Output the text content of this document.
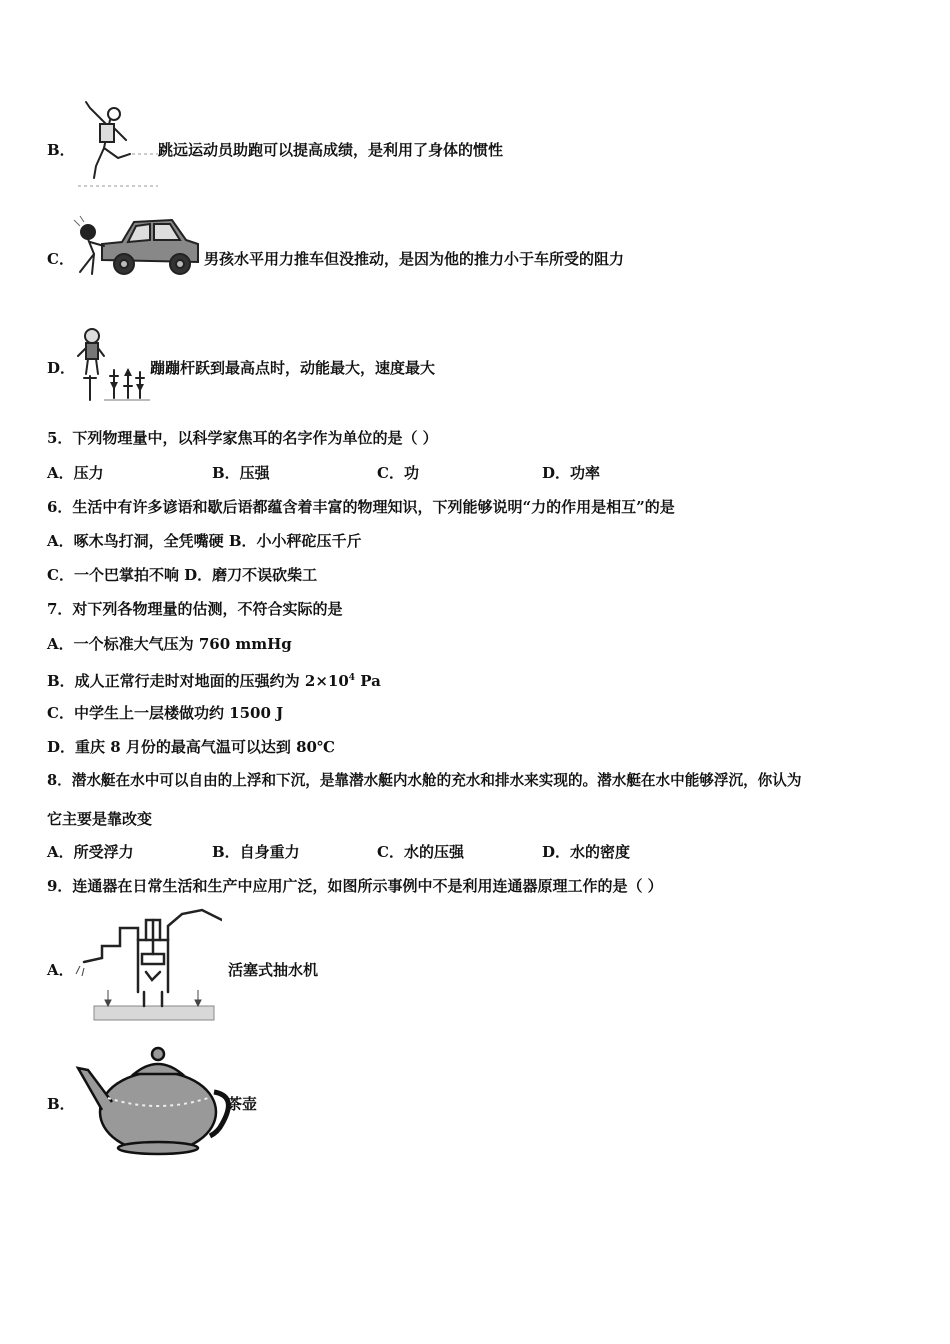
B．	跳远运动员助跑可以提高成绩，是利用了身体的惯性
C．	男孩水平用力推车但没推动，是因为他的推力小于车所受的阻力
D．	蹦蹦杆跃到最高点时，动能最大，速度最大
5．下列物理量中，以科学家焦耳的名字作为单位的是（ ）
A．压力	B．压强	C．功	D．功率
6．生活中有许多谚语和歇后语都蕴含着丰富的物理知识，下列能够说明“力的作用是相互”的是
A．啄木鸟打洞，全凭嘴硬 B．小小秤砣压千斤
C．一个巴掌拍不响 D．磨刀不误砍柴工
7．对下列各物理量的估测，不符合实际的是
A．一个标准大气压为 760 mmHg
B．成人正常行走时对地面的压强约为 $2\times 10^4$ Pa
C．中学生上一层楼做功约 1500 J
D．重庆 8 月份的最高气温可以达到 80℃
8．潜水艇在水中可以自由的上浮和下沉，是靠潜水艇内水舱的充水和排水来实现的。潜水艇在水中能够浮沉，你认为
它主要是靠改变
A．所受浮力	B．自身重力	C．水的压强	D．水的密度
9．连通器在日常生活和生产中应用广泛，如图所示事例中不是利用连通器原理工作的是（ ）
A．	活塞式抽水机
B．	茶壶
